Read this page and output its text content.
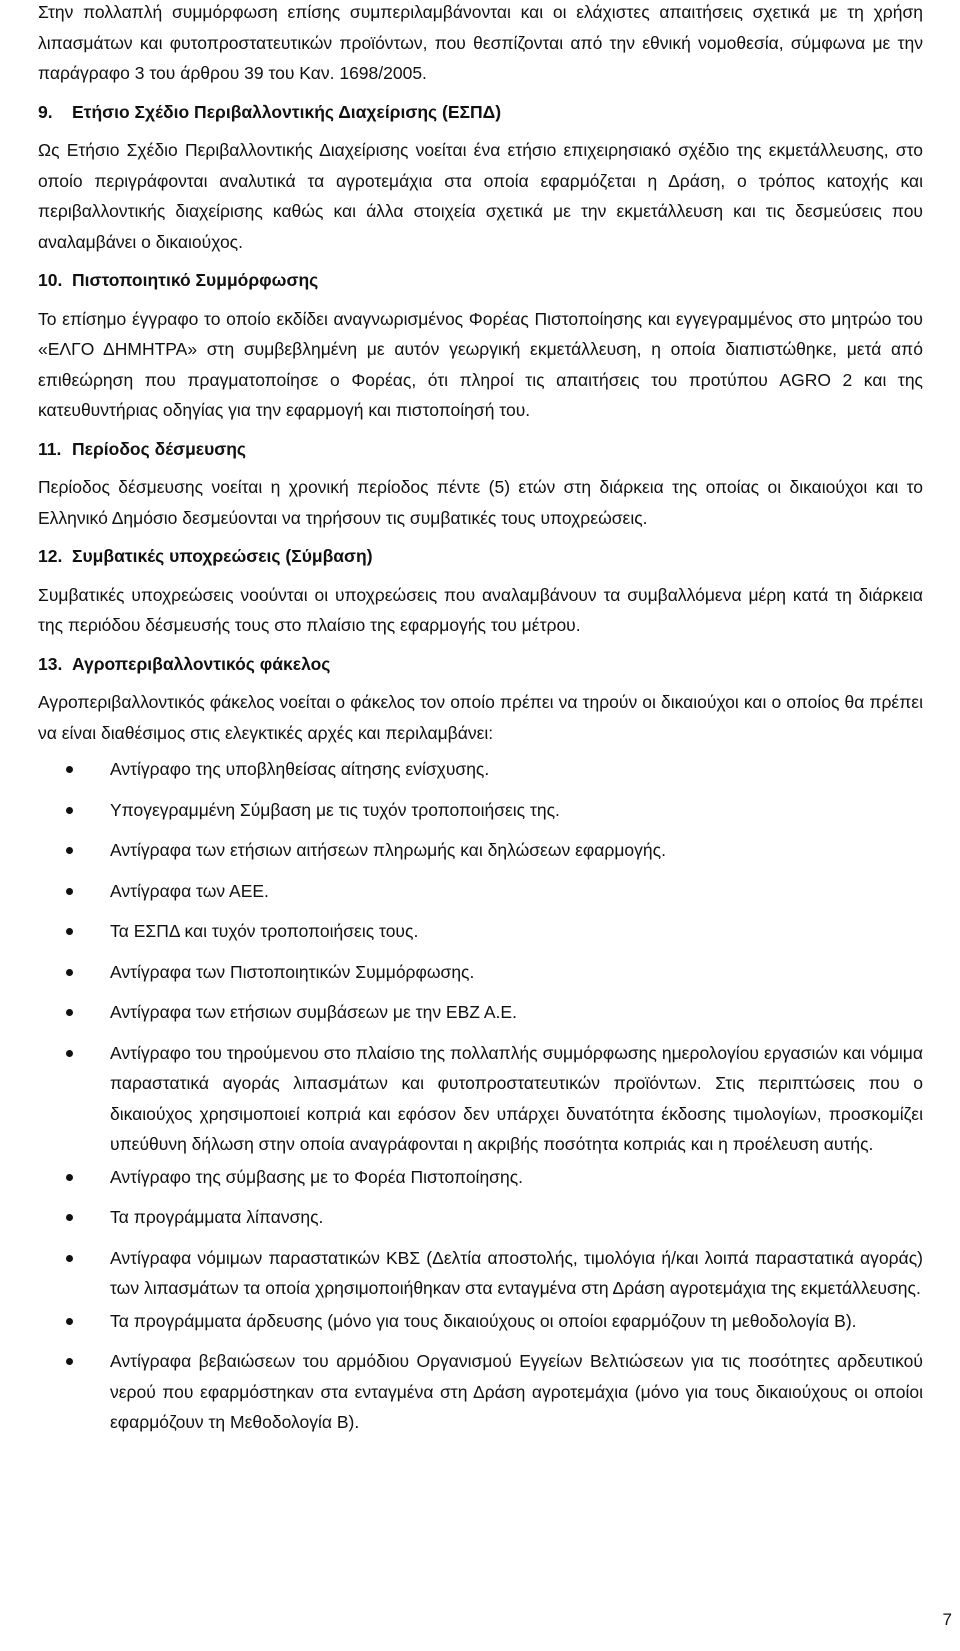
Στην πολλαπλή συμμόρφωση επίσης συμπεριλαμβάνονται και οι ελάχιστες απαιτήσεις σχετικά με τη χρήση λιπασμάτων και φυτοπροστατευτικών προϊόντων, που θεσπίζονται από την εθνική νομοθεσία, σύμφωνα με την παράγραφο 3 του άρθρου 39 του Καν. 1698/2005.

9.	Ετήσιο Σχέδιο Περιβαλλοντικής Διαχείρισης (ΕΣΠΔ)

Ως Ετήσιο Σχέδιο Περιβαλλοντικής Διαχείρισης νοείται ένα ετήσιο επιχειρησιακό σχέδιο της εκμετάλλευσης, στο οποίο περιγράφονται αναλυτικά τα αγροτεμάχια στα οποία εφαρμόζεται η Δράση, ο τρόπος κατοχής και περιβαλλοντικής διαχείρισης καθώς και άλλα στοιχεία σχετικά με την εκμετάλλευση και τις δεσμεύσεις που αναλαμβάνει ο δικαιούχος.

10. Πιστοποιητικό Συμμόρφωσης

Το επίσημο έγγραφο το οποίο εκδίδει αναγνωρισμένος Φορέας Πιστοποίησης και εγγεγραμμένος στο μητρώο του «ΕΛΓΟ ΔΗΜΗΤΡΑ» στη συμβεβλημένη με αυτόν γεωργική εκμετάλλευση, η οποία διαπιστώθηκε, μετά από επιθεώρηση που πραγματοποίησε ο Φορέας, ότι πληροί τις απαιτήσεις του προτύπου AGRO 2 και της κατευθυντήριας οδηγίας για την εφαρμογή και πιστοποίησή του.

11. Περίοδος δέσμευσης

Περίοδος δέσμευσης νοείται η χρονική περίοδος πέντε (5) ετών στη διάρκεια της οποίας οι δικαιούχοι και το Ελληνικό Δημόσιο δεσμεύονται να τηρήσουν τις συμβατικές τους υποχρεώσεις.

12. Συμβατικές υποχρεώσεις (Σύμβαση)

Συμβατικές υποχρεώσεις νοούνται οι υποχρεώσεις που αναλαμβάνουν τα συμβαλλόμενα μέρη κατά τη διάρκεια της περιόδου δέσμευσής τους στο πλαίσιο της εφαρμογής του μέτρου.

13. Αγροπεριβαλλοντικός φάκελος

Αγροπεριβαλλοντικός φάκελος νοείται ο φάκελος τον οποίο πρέπει να τηρούν οι δικαιούχοι και ο οποίος θα πρέπει να είναι διαθέσιμος στις ελεγκτικές αρχές και περιλαμβάνει:

Αντίγραφο της υποβληθείσας αίτησης ενίσχυσης.
Υπογεγραμμένη Σύμβαση με τις τυχόν τροποποιήσεις της.
Αντίγραφα των ετήσιων αιτήσεων πληρωμής και δηλώσεων εφαρμογής.
Αντίγραφα των ΑΕΕ.
Τα ΕΣΠΔ και τυχόν τροποποιήσεις τους.
Αντίγραφα των Πιστοποιητικών Συμμόρφωσης.
Αντίγραφα των ετήσιων συμβάσεων με την ΕΒΖ Α.Ε.
Αντίγραφο του τηρούμενου στο πλαίσιο της πολλαπλής συμμόρφωσης ημερολογίου εργασιών και νόμιμα παραστατικά αγοράς λιπασμάτων και φυτοπροστατευτικών προϊόντων. Στις περιπτώσεις που ο δικαιούχος χρησιμοποιεί κοπριά και εφόσον δεν υπάρχει δυνατότητα έκδοσης τιμολογίων, προσκομίζει υπεύθυνη δήλωση στην οποία αναγράφονται η ακριβής ποσότητα κοπριάς και η προέλευση αυτής.
Αντίγραφο της σύμβασης με το Φορέα Πιστοποίησης.
Τα προγράμματα λίπανσης.
Αντίγραφα νόμιμων παραστατικών ΚΒΣ (Δελτία αποστολής, τιμολόγια ή/και λοιπά παραστατικά αγοράς) των λιπασμάτων τα οποία χρησιμοποιήθηκαν στα ενταγμένα στη Δράση αγροτεμάχια της εκμετάλλευσης.
Τα προγράμματα άρδευσης (μόνο για τους δικαιούχους οι οποίοι εφαρμόζουν τη μεθοδολογία Β).
Αντίγραφα βεβαιώσεων του αρμόδιου Οργανισμού Εγγείων Βελτιώσεων για τις ποσότητες αρδευτικού νερού που εφαρμόστηκαν στα ενταγμένα στη Δράση αγροτεμάχια (μόνο για τους δικαιούχους οι οποίοι εφαρμόζουν τη Μεθοδολογία Β).
7
